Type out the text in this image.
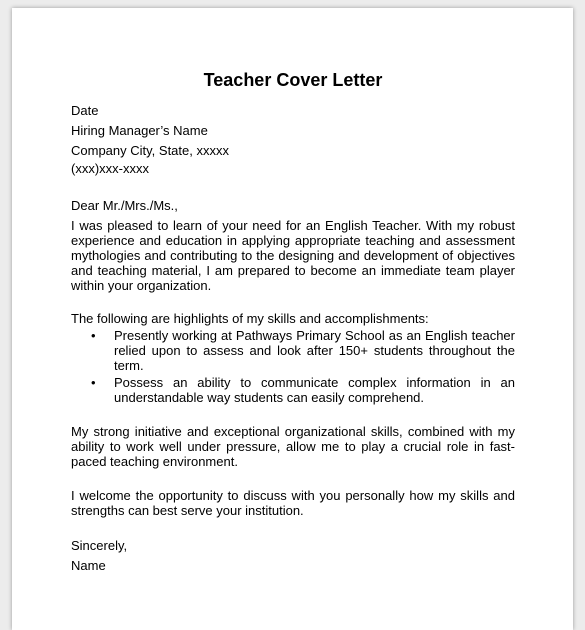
Teacher Cover Letter
Date
Hiring Manager’s Name
Company City, State, xxxxx
(xxx)xxx-xxxx
Dear Mr./Mrs./Ms.,
I was pleased to learn of your need for an English Teacher. With my robust experience and education in applying appropriate teaching and assessment mythologies and contributing to the designing and development of objectives and teaching material, I am prepared to become an immediate team player within your organization.
The following are highlights of my skills and accomplishments:
• Presently working at Pathways Primary School as an English teacher relied upon to assess and look after 150+ students throughout the term.
• Possess an ability to communicate complex information in an understandable way students can easily comprehend.
My strong initiative and exceptional organizational skills, combined with my ability to work well under pressure, allow me to play a crucial role in fast-paced teaching environment.
I welcome the opportunity to discuss with you personally how my skills and strengths can best serve your institution.
Sincerely,
Name
